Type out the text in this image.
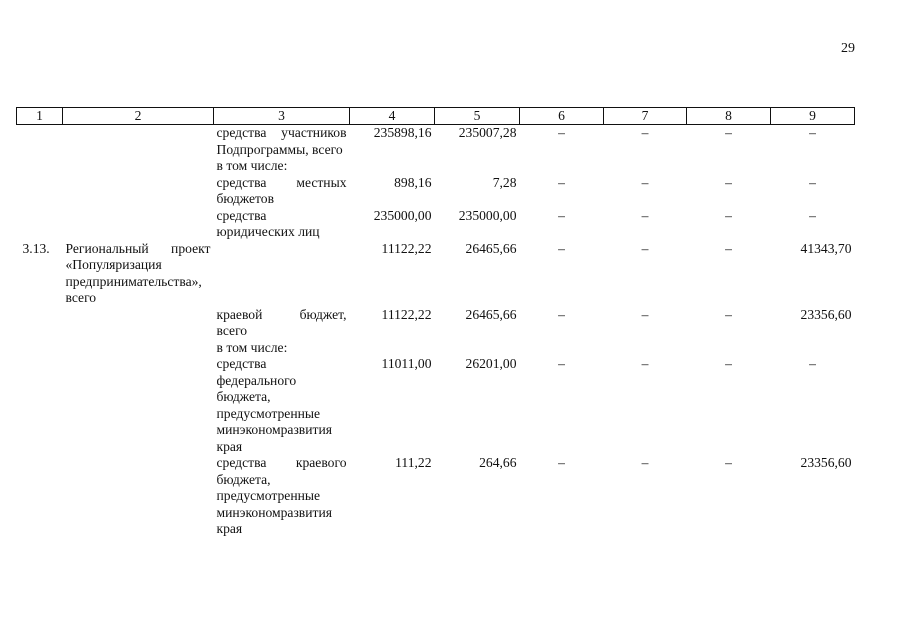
29
1	2	3	4	5	6	7	8	9
		средства участников Подпрограммы, всего	235898,16	235007,28	–	–	–	–
		в том числе:						
		средства местных бюджетов	898,16	7,28	–	–	–	–
		средства юридических лиц	235000,00	235000,00	–	–	–	–
3.13.	Региональный проект «Популяризация предпринимательства», всего		11122,22	26465,66	–	–	–	41343,70
		краевой бюджет, всего	11122,22	26465,66	–	–	–	23356,60
		в том числе:						
		средства федерального бюджета, предусмотренные минэкономразвития края	11011,00	26201,00	–	–	–	–
		средства краевого бюджета, предусмотренные минэкономразвития края	111,22	264,66	–	–	–	23356,60
